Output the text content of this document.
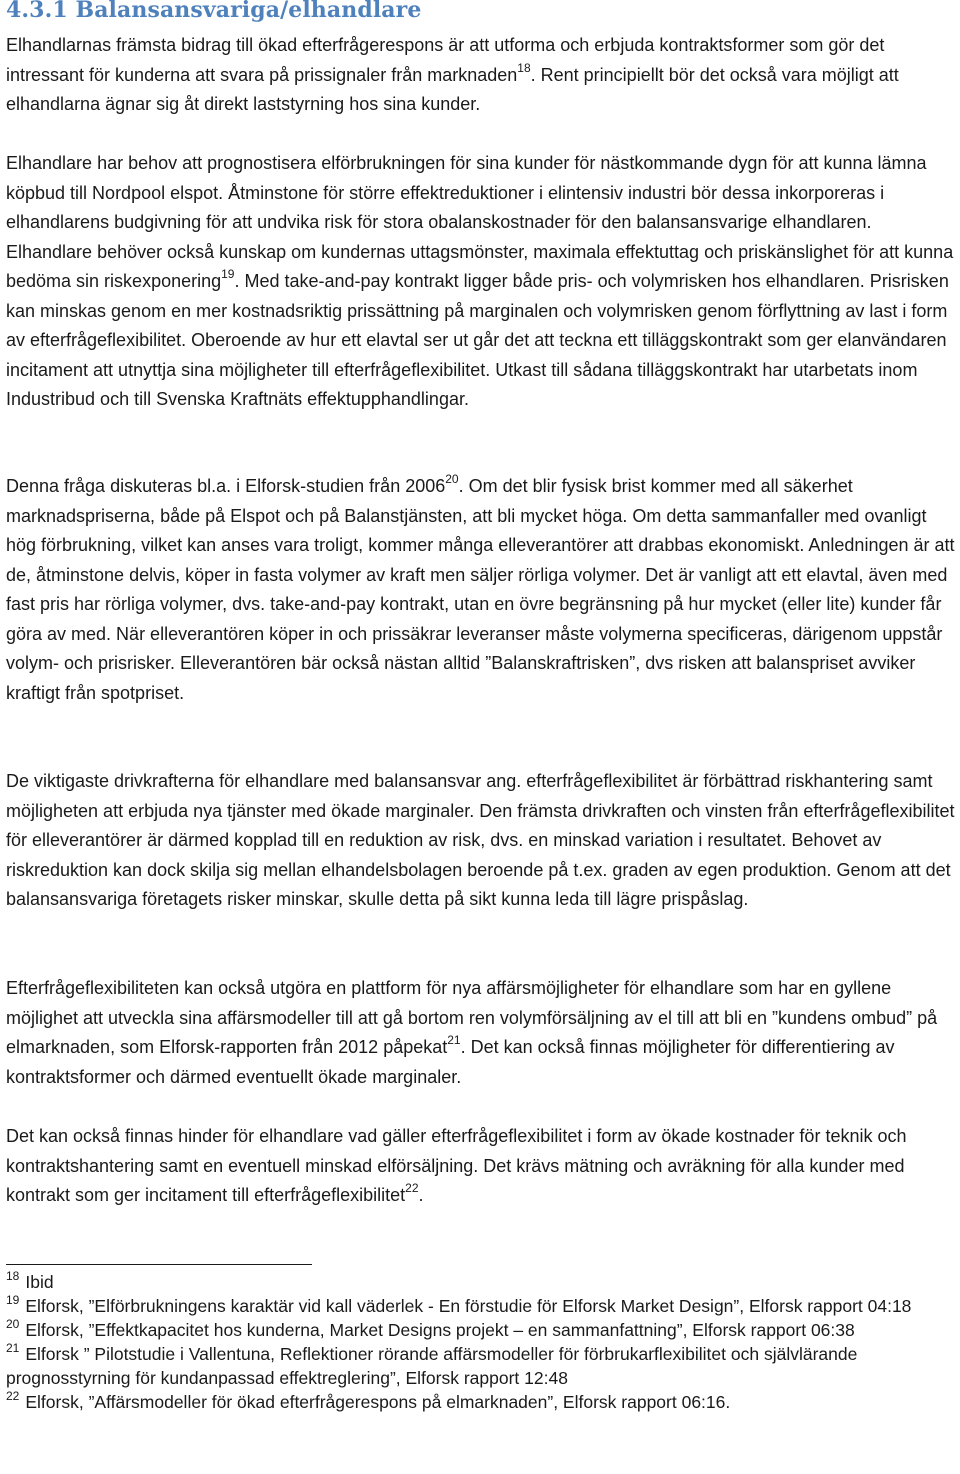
4.3.1 Balansansvariga/elhandlare

Elhandlarnas främsta bidrag till ökad efterfrågerespons är att utforma och erbjuda kontraktsformer som gör det intressant för kunderna att svara på prissignaler från marknaden$^{18}$. Rent principiellt bör det också vara möjligt att elhandlarna ägnar sig åt direkt laststyrning hos sina kunder.

Elhandlare har behov att prognostisera elförbrukningen för sina kunder för nästkommande dygn för att kunna lämna köpbud till Nordpool elspot. Åtminstone för större effektreduktioner i elintensiv industri bör dessa inkorporeras i elhandlarens budgivning för att undvika risk för stora obalanskostnader för den balansansvarige elhandlaren. Elhandlare behöver också kunskap om kundernas uttagsmönster, maximala effektuttag och priskänslighet för att kunna bedöma sin riskexponering$^{19}$. Med take-and-pay kontrakt ligger både pris- och volymrisken hos elhandlaren. Prisrisken kan minskas genom en mer kostnadsriktig prissättning på marginalen och volymrisken genom förflyttning av last i form av efterfrågeflexibilitet. Oberoende av hur ett elavtal ser ut går det att teckna ett tilläggskontrakt som ger elanvändaren incitament att utnyttja sina möjligheter till efterfrågeflexibilitet. Utkast till sådana tilläggskontrakt har utarbetats inom Industribud och till Svenska Kraftnäts effektupphandlingar.

Denna fråga diskuteras bl.a. i Elforsk-studien från 2006$^{20}$. Om det blir fysisk brist kommer med all säkerhet marknadspriserna, både på Elspot och på Balanstjänsten, att bli mycket höga. Om detta sammanfaller med ovanligt hög förbrukning, vilket kan anses vara troligt, kommer många elleverantörer att drabbas ekonomiskt. Anledningen är att de, åtminstone delvis, köper in fasta volymer av kraft men säljer rörliga volymer. Det är vanligt att ett elavtal, även med fast pris har rörliga volymer, dvs. take-and-pay kontrakt, utan en övre begränsning på hur mycket (eller lite) kunder får göra av med. När elleverantören köper in och prissäkrar leveranser måste volymerna specificeras, därigenom uppstår volym- och prisrisker. Elleverantören bär också nästan alltid ”Balanskraftrisken”, dvs risken att balanspriset avviker kraftigt från spotpriset.

De viktigaste drivkrafterna för elhandlare med balansansvar ang. efterfrågeflexibilitet är förbättrad riskhantering samt möjligheten att erbjuda nya tjänster med ökade marginaler. Den främsta drivkraften och vinsten från efterfrågeflexibilitet för elleverantörer är därmed kopplad till en reduktion av risk, dvs. en minskad variation i resultatet. Behovet av riskreduktion kan dock skilja sig mellan elhandelsbolagen beroende på t.ex. graden av egen produktion. Genom att det balansansvariga företagets risker minskar, skulle detta på sikt kunna leda till lägre prispåslag.

Efterfrågeflexibiliteten kan också utgöra en plattform för nya affärsmöjligheter för elhandlare som har en gyllene möjlighet att utveckla sina affärsmodeller till att gå bortom ren volymförsäljning av el till att bli en ”kundens ombud” på elmarknaden, som Elforsk-rapporten från 2012 påpekat$^{21}$. Det kan också finnas möjligheter för differentiering av kontraktsformer och därmed eventuellt ökade marginaler.

Det kan också finnas hinder för elhandlare vad gäller efterfrågeflexibilitet i form av ökade kostnader för teknik och kontraktshantering samt en eventuell minskad elförsäljning. Det krävs mätning och avräkning för alla kunder med kontrakt som ger incitament till efterfrågeflexibilitet$^{22}$.

$^{18}$ Ibid

$^{19}$ Elforsk, ”Elförbrukningens karaktär vid kall väderlek - En förstudie för Elforsk Market Design”, Elforsk rapport 04:18

$^{20}$ Elforsk, ”Effektkapacitet hos kunderna, Market Designs projekt – en sammanfattning”, Elforsk rapport 06:38

$^{21}$ Elforsk ” Pilotstudie i Vallentuna, Reflektioner rörande affärsmodeller för förbrukarflexibilitet och självlärande prognosstyrning för kundanpassad effektreglering”, Elforsk rapport 12:48

$^{22}$ Elforsk, ”Affärsmodeller för ökad efterfrågerespons på elmarknaden”, Elforsk rapport 06:16.
